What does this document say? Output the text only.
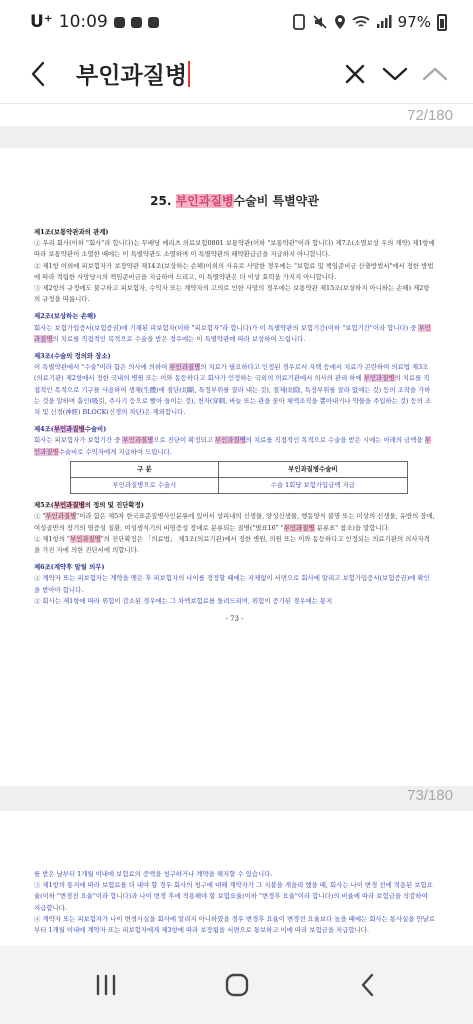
U⁺ 10:09	97%
부인과질병
72/180
25. 부인과질병수술비 특별약관
제1조(보통약관과의 관계)
① 우리 회사(이하 "회사"라 합니다)는 무배당 메리츠 의료보험0801 보통약관(이하 "보통약관"이라 합니다) 제7조(소멸보상 우의 계약) 제1항에 따라 보통약관이 소멸한 때에는 이 특별약관도 소멸하며 이 특별약관의 해약환급금을 지급하지 아니합니다.
② 제1항 이외에 피보험자가 보장약관 제14조(보상하는 손해)이외의 사유로 사망한 경우에는 "보험료 및 책임준비금 산출방법서"에서 정한 방법에 따라 적립한 사망당시의 책임준비금을 지급하여 드리고, 이 특별약관은 더 이상 효력을 가지지 아니합니다.
③ 제2항의 규정에도 불구하고 피보험자, 수익자 또는 계약자의 고의로 인한 사망의 경우에는 보통약관 제15조(보상하지 아니하는 손해) 제2항의 규정을 따릅니다.
제2조(보상하는 손해)
회사는 보험가입증서(보험증권)에 기재된 피보험자(이하 "피보험자"라 합니다)가 이 특별약관의 보험기간(이하 "보험기간"이라 합니다) 중 부인과질병의 치료를 직접적인 목적으로 수술을 받은 경우에는 이 특별약관에 따라 보상하여 드립니다.
제3조(수술의 정의와 장소)
이 특별약관에서 "수술"이라 함은 의사에 의하여 부인과질병의 치료가 필요하다고 인정된 경우로서 자택 등에서 치료가 곤란하여 의료법 제3조(의료기관) 제2항에서 정한 국내의 병원 또는 이와 동등하다고 회사가 인정하는 국외의 의료기관에서 의사의 관리 하에 부인과질병의 치료를 직접적인 목적으로 기구를 사용하여 생체(生體)에 절단(切斷, 특정부위를 잘라 내는 것), 절제(切除, 특정부위를 잘라 없애는 것) 등의 조작을 가하는 것을 말하며 흡인(吸引, 주사기 등으로 빨아 들이는 것), 천자(穿刺, 바늘 또는 관을 꽂아 체액조직을 뽑아내거나 약물을 주입하는 것) 등의 조치 및 신경(神經) BLOCK(신경의 차단)은 제외합니다.
제4조(부인과질병수술비)
회사는 피보험자가 보험기간 중 부인과질병으로 진단이 확정되고 부인과질병의 치료를 직접적인 목적으로 수술을 받은 시에는 아래의 금액을 부인과질병수술비로 수익자에게 지급하여 드립니다.
구 분	부인과질병수술비
부인과질병으로 수술시	수술 1회당 보험가입금액 지급
제5조(부인과질병의 정의 및 진단확정)
① "부인과질병"이라 함은 제5차 한국표준질병사인분류에 있어서 상피내의 신생물, 양성신생물, 행동양식 불명 또는 미상의 신생물, 유방의 장애, 여성골반의 장기의 염증성 질환, 여성생식기의 비염증성 장애로 분류되는 질병("별표16" "부인과질병 분류표" 참조)을 말합니다.
② 제1항의 "부인과질병"의 진단확정은 「의료법」 제3조(의료기관)에서 정한 병원, 의원 또는 이와 동등하다고 인정되는 의료기관의 의사자격을 가진 자에 의한 진단서에 의합니다.
제6조(계약후 알릴 의무)
① 계약자 또는 피보험자는 계약을 맺은 후 피보험자의 나이를 정정할 때에는 지체없이 서면으로 회사에 알리고 보험가입증서(보험증권)에 확인을 받아야 합니다.
② 회사는 제1항에 따라 위험이 감소된 경우에는 그 차액보험료를 돌려드리며, 위험이 증가된 경우에는 통지
- 73 -
73/180
를 받은 날부터 1개월 이내에 보험료의 증액을 청구하거나 계약을 해지할 수 있습니다.
③ 제1항의 통지에 따라 보험료를 더 내야 할 경우 회사의 청구에 대해 계약자가 그 지불을 게을리 했을 때, 회사는 나이 변경 전에 적용된 보험요율(이하 "변경전 요율"이라 합니다)과 나이 변경 후에 적용해야 할 보험요율(이하 "변경후 요율"이라 합니다)의 비율에 따라 보험금을 삭감하여 지급합니다.
④ 계약자 또는 피보험자가 나이 변경사실을 회사에 알리지 아니하였을 경우 변경후 요율이 변경전 요율보다 높을 때에는 회사는 통사실을 안날로부터 1개월 이내에 계약자 또는 피보험자에게 제3항에 따라 보장됨을 서면으로 통보하고 이에 따라 보험금을 지급합니다.
